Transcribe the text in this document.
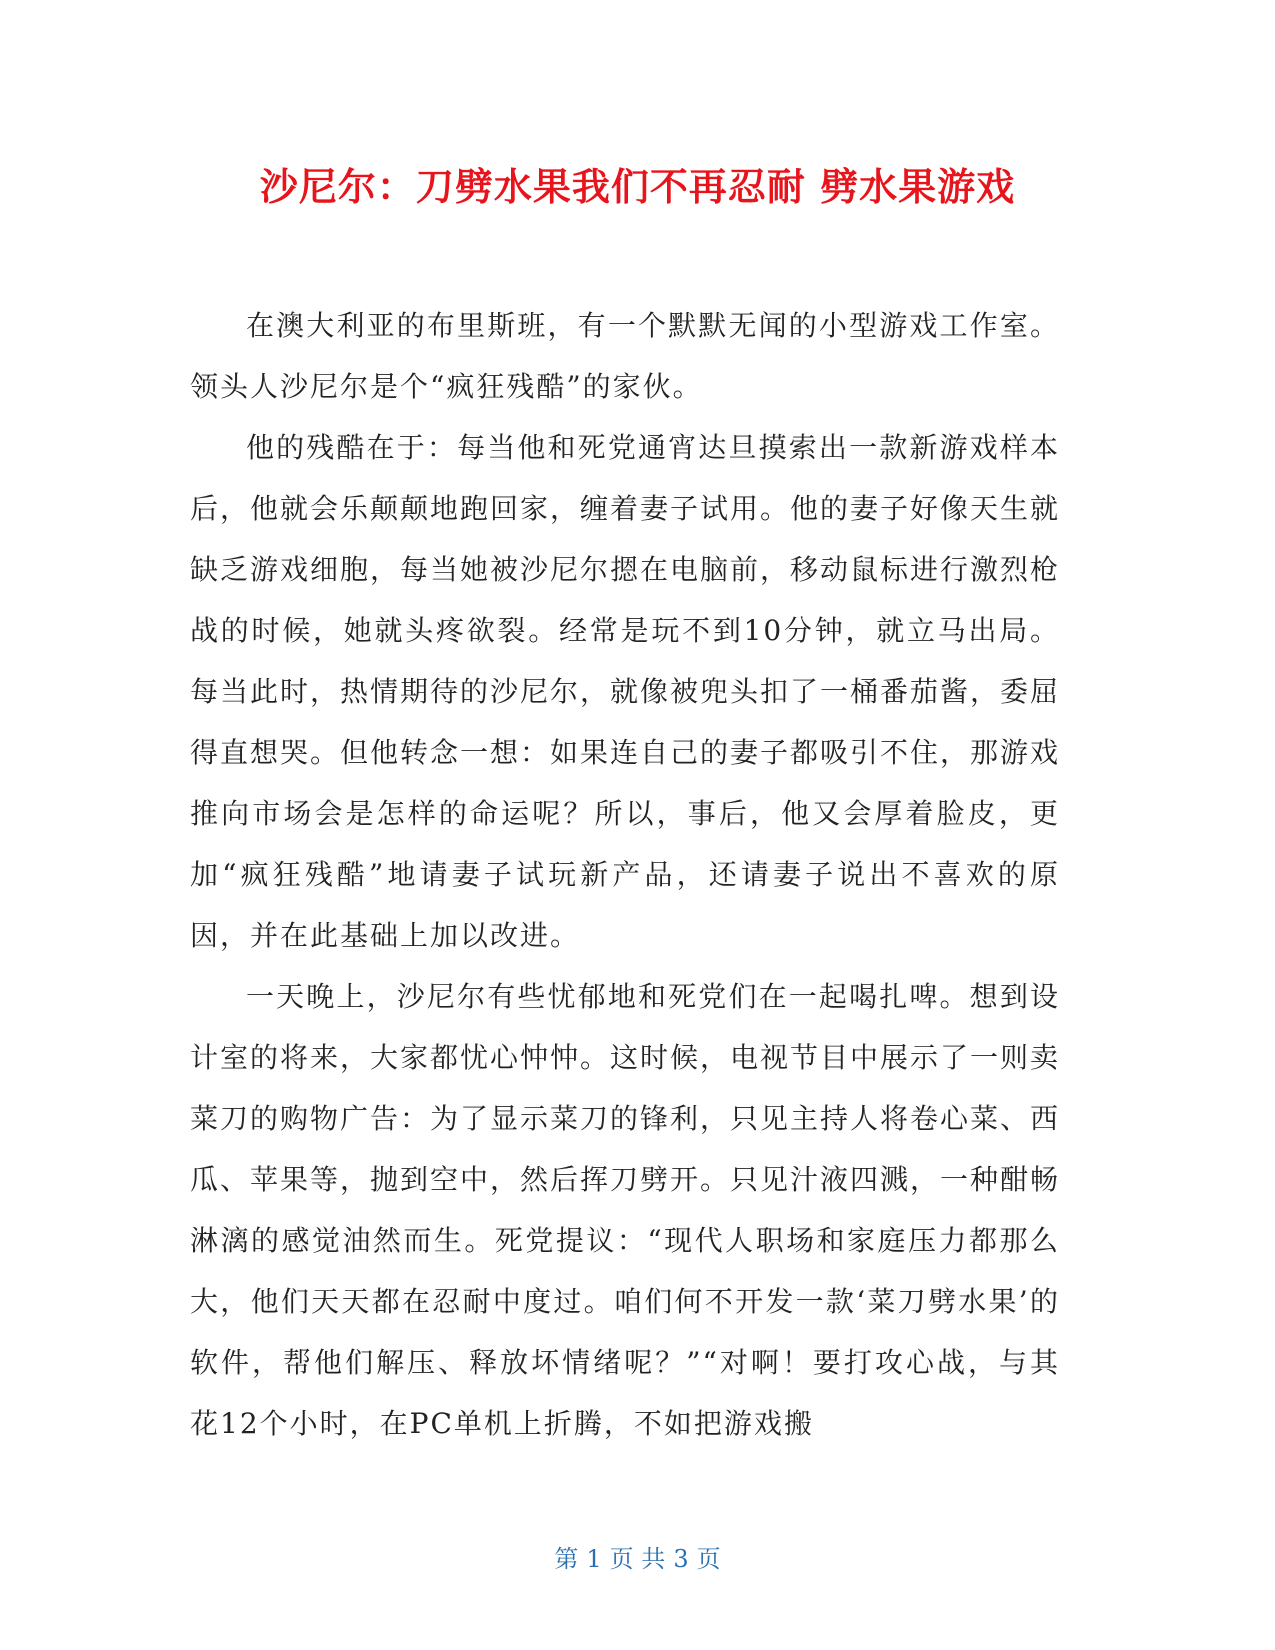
沙尼尔：刀劈水果我们不再忍耐 劈水果游戏

在澳大利亚的布里斯班，有一个默默无闻的小型游戏工作室。领头人沙尼尔是个“疯狂残酷”的家伙。

他的残酷在于：每当他和死党通宵达旦摸索出一款新游戏样本后，他就会乐颠颠地跑回家，缠着妻子试用。他的妻子好像天生就缺乏游戏细胞，每当她被沙尼尔摁在电脑前，移动鼠标进行激烈枪战的时候，她就头疼欲裂。经常是玩不到10分钟，就立马出局。每当此时，热情期待的沙尼尔，就像被兜头扣了一桶番茄酱，委屈得直想哭。但他转念一想：如果连自己的妻子都吸引不住，那游戏推向市场会是怎样的命运呢？所以，事后，他又会厚着脸皮，更加“疯狂残酷”地请妻子试玩新产品，还请妻子说出不喜欢的原因，并在此基础上加以改进。

一天晚上，沙尼尔有些忧郁地和死党们在一起喝扎啤。想到设计室的将来，大家都忧心忡忡。这时候，电视节目中展示了一则卖菜刀的购物广告：为了显示菜刀的锋利，只见主持人将卷心菜、西瓜、苹果等，抛到空中，然后挥刀劈开。只见汁液四溅，一种酣畅淋漓的感觉油然而生。死党提议：“现代人职场和家庭压力都那么大，他们天天都在忍耐中度过。咱们何不开发一款‘菜刀劈水果’的软件，帮他们解压、释放坏情绪呢？”“对啊！要打攻心战，与其花12个小时，在PC单机上折腾，不如把游戏搬

第 1 页 共 3 页
